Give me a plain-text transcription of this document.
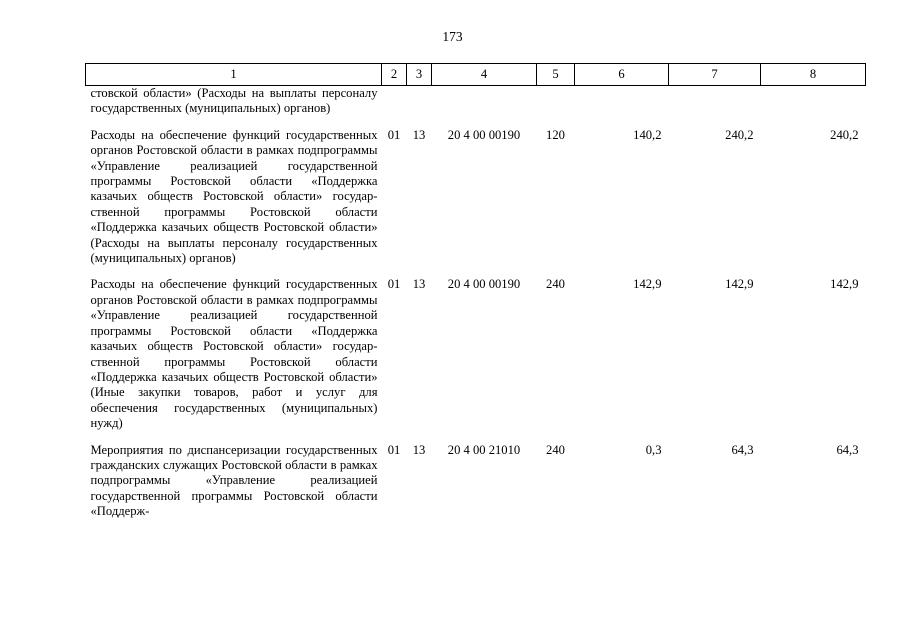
173
1	2	3	4	5	6	7	8
стовской области» (Расходы на выплаты персоналу государственных (муниципальных) органов)							

Расходы на обеспечение функций государственных органов Ростовской области в рамках подпрограммы «Управление реализацией государственной программы Ростовской области «Поддержка казачьих обществ Ростовской области» государственной программы Ростовской области «Поддержка казачьих обществ Ростовской области» (Расходы на выплаты персоналу государственных (муниципальных) органов)	01	13	20 4 00 00190	120	140,2	240,2	240,2

Расходы на обеспечение функций государственных органов Ростовской области в рамках подпрограммы «Управление реализацией государственной программы Ростовской области «Поддержка казачьих обществ Ростовской области» государственной программы Ростовской области «Поддержка казачьих обществ Ростовской области» (Иные закупки товаров, работ и услуг для обеспечения государственных (муниципальных) нужд)	01	13	20 4 00 00190	240	142,9	142,9	142,9

Мероприятия по диспансеризации государственных гражданских служащих Ростовской области в рамках подпрограммы «Управление реализацией государственной программы Ростовской области «Поддерж-	01	13	20 4 00 21010	240	0,3	64,3	64,3
